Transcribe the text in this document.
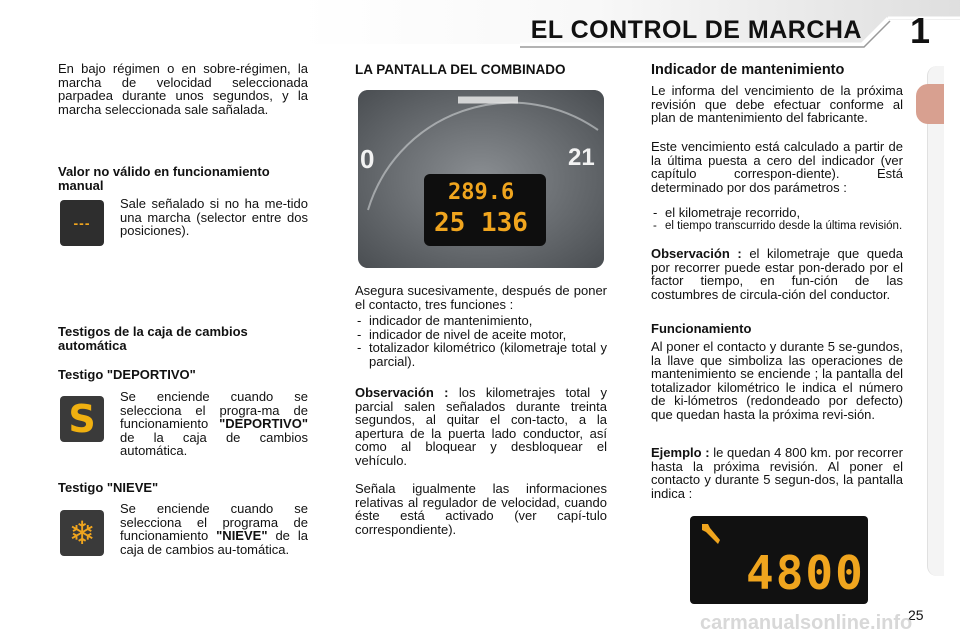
EL CONTROL DE MARCHA 1
En bajo régimen o en sobre-régimen, la marcha de velocidad seleccionada parpadea durante unos segundos, y la marcha seleccionada sale sañalada.
Valor no válido en funcionamiento manual
---
Sale señalado si no ha me-tido una marcha (selector entre dos posiciones).
Testigos de la caja de cambios automática
Testigo "DEPORTIVO"
S
Se enciende cuando se selecciona el progra-ma de funcionamiento "DEPORTIVO" de la caja de cambios automática.
Testigo "NIEVE"
❄
Se enciende cuando se selecciona el programa de funcionamiento "NIEVE" de la caja de cambios au-tomática.
LA PANTALLA DEL COMBINADO
0	21
289.6
25 136
Asegura sucesivamente, después de poner el contacto, tres funciones :
- indicador de mantenimiento,
- indicador de nivel de aceite motor,
- totalizador kilométrico (kilometraje total y parcial).
Observación : los kilometrajes total y parcial salen señalados durante treinta segundos, al quitar el con-tacto, a la apertura de la puerta lado conductor, así como al bloquear y desbloquear el vehículo.
Señala igualmente las informaciones relativas al regulador de velocidad, cuando éste está activado (ver capí-tulo correspondiente).
Indicador de mantenimiento
Le informa del vencimiento de la próxima revisión que debe efectuar conforme al plan de mantenimiento del fabricante.
Este vencimiento está calculado a partir de la última puesta a cero del indicador (ver capítulo correspon-diente). Está determinado por dos parámetros :
- el kilometraje recorrido,
- el tiempo transcurrido desde la última revisión.
Observación : el kilometraje que queda por recorrer puede estar pon-derado por el factor tiempo, en fun-ción de las costumbres de circula-ción del conductor.
Funcionamiento
Al poner el contacto y durante 5 se-gundos, la llave que simboliza las operaciones de mantenimiento se enciende ; la pantalla del totalizador kilométrico le indica el número de ki-lómetros (redondeado por defecto) que quedan hasta la próxima revi-sión.
Ejemplo : le quedan 4 800 km. por recorrer hasta la próxima revisión. Al poner el contacto y durante 5 segun-dos, la pantalla indica :
4800
25
carmanualsonline.info
